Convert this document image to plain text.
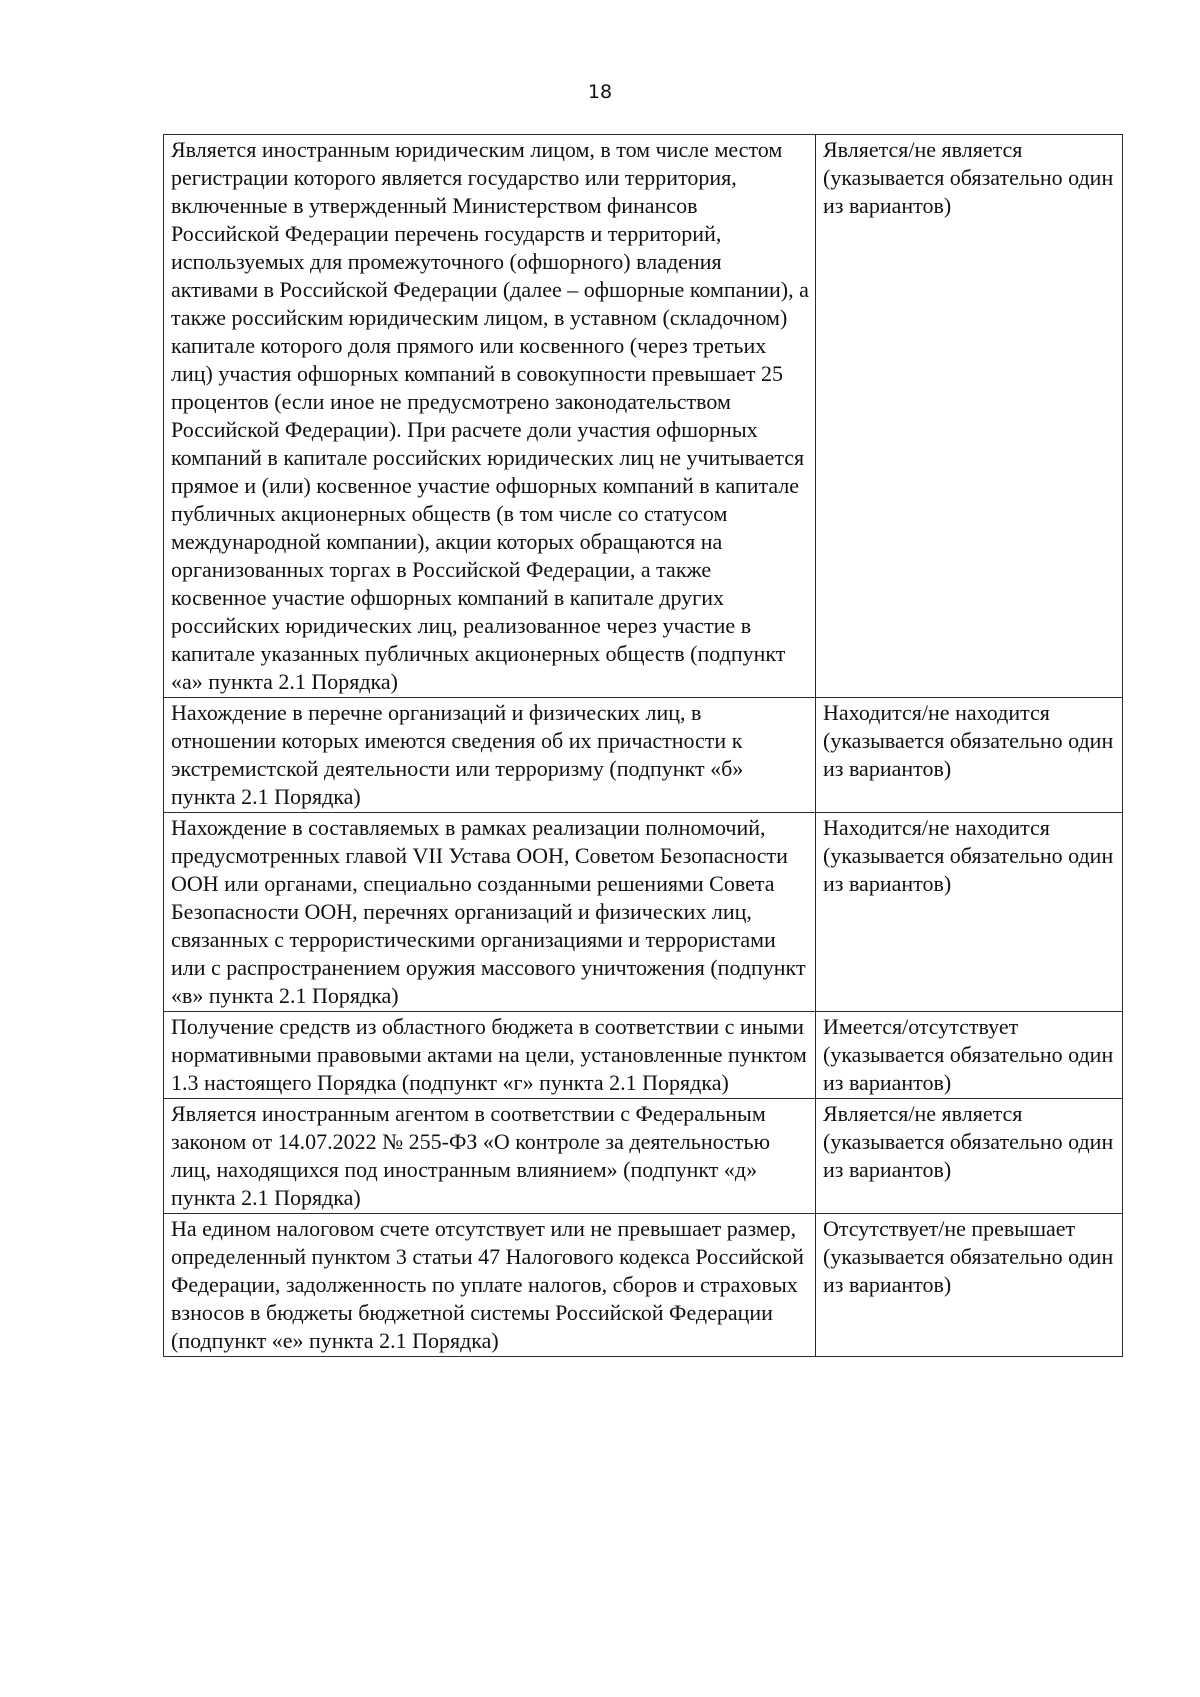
18
Является иностранным юридическим лицом, в том числе местом регистрации которого является государство или территория, включенные в утвержденный Министерством финансов Российской Федерации перечень государств и территорий, используемых для промежуточного (офшорного) владения активами в Российской Федерации (далее – офшорные компании), а также российским юридическим лицом, в уставном (складочном) капитале которого доля прямого или косвенного (через третьих лиц) участия офшорных компаний в совокупности превышает 25 процентов (если иное не предусмотрено законодательством Российской Федерации). При расчете доли участия офшорных компаний в капитале российских юридических лиц не учитывается прямое и (или) косвенное участие офшорных компаний в капитале публичных акционерных обществ (в том числе со статусом международной компании), акции которых обращаются на организованных торгах в Российской Федерации, а также косвенное участие офшорных компаний в капитале других российских юридических лиц, реализованное через участие в капитале указанных публичных акционерных обществ (подпункт «а» пункта 2.1 Порядка)	Является/не является (указывается обязательно один из вариантов)
Нахождение в перечне организаций и физических лиц, в отношении которых имеются сведения об их причастности к экстремистской деятельности или терроризму (подпункт «б» пункта 2.1 Порядка)	Находится/не находится (указывается обязательно один из вариантов)
Нахождение в составляемых в рамках реализации полномочий, предусмотренных главой VII Устава ООН, Советом Безопасности ООН или органами, специально созданными решениями Совета Безопасности ООН, перечнях организаций и физических лиц, связанных с террористическими организациями и террористами или с распространением оружия массового уничтожения (подпункт «в» пункта 2.1 Порядка)	Находится/не находится (указывается обязательно один из вариантов)
Получение средств из областного бюджета в соответствии с иными нормативными правовыми актами на цели, установленные пунктом 1.3 настоящего Порядка (подпункт «г» пункта 2.1 Порядка)	Имеется/отсутствует (указывается обязательно один из вариантов)
Является иностранным агентом в соответствии с Федеральным законом от 14.07.2022 № 255-ФЗ «О контроле за деятельностью лиц, находящихся под иностранным влиянием» (подпункт «д» пункта 2.1 Порядка)	Является/не является (указывается обязательно один из вариантов)
На едином налоговом счете отсутствует или не превышает размер, определенный пунктом 3 статьи 47 Налогового кодекса Российской Федерации, задолженность по уплате налогов, сборов и страховых взносов в бюджеты бюджетной системы Российской Федерации (подпункт «е» пункта 2.1 Порядка)	Отсутствует/не превышает (указывается обязательно один из вариантов)
